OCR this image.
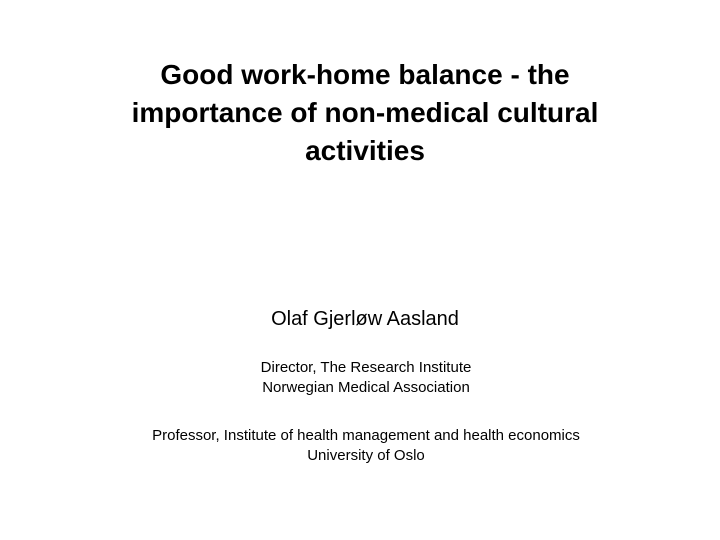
Good work-home balance - the
importance of non-medical cultural
activities
Olaf Gjerløw Aasland
Director, The Research Institute
Norwegian Medical Association
Professor, Institute of health management and health economics
University of Oslo
